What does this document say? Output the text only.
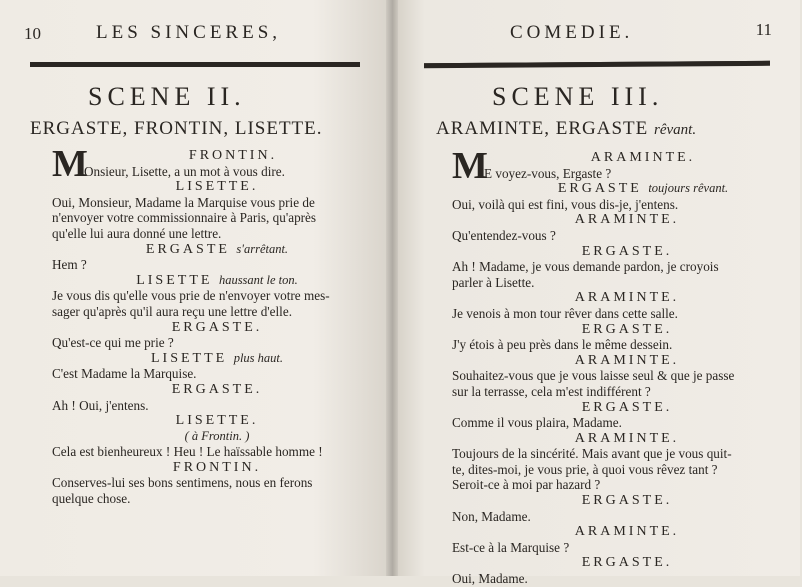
10	LES SINCERES,
SCENE II.
ERGASTE, FRONTIN, LISETTE.
M	FRONTIN.
Onsieur, Lisette, a un mot à vous dire.
LISETTE.
Oui, Monsieur, Madame la Marquise vous prie de
n'envoyer votre commissionnaire à Paris, qu'après
qu'elle lui aura donné une lettre.
ERGASTE s'arrêtant.
Hem ?
LISETTE haussant le ton.
Je vous dis qu'elle vous prie de n'envoyer votre mes-
sager qu'après qu'il aura reçu une lettre d'elle.
ERGASTE.
Qu'est-ce qui me prie ?
LISETTE plus haut.
C'est Madame la Marquise.
ERGASTE.
Ah ! Oui, j'entens.
LISETTE.
( à Frontin. )
Cela est bienheureux ! Heu ! Le haïssable homme !
FRONTIN.
Conserves-lui ses bons sentimens, nous en ferons
quelque chose.
COMEDIE.	11
SCENE III.
ARAMINTE, ERGASTE rêvant.
M	ARAMINTE.
E voyez-vous, Ergaste ?
ERGASTE toujours rêvant.
Oui, voilà qui est fini, vous dis-je, j'entens.
ARAMINTE.
Qu'entendez-vous ?
ERGASTE.
Ah ! Madame, je vous demande pardon, je croyois
parler à Lisette.
ARAMINTE.
Je venois à mon tour rêver dans cette salle.
ERGASTE.
J'y étois à peu près dans le même dessein.
ARAMINTE.
Souhaitez-vous que je vous laisse seul & que je passe
sur la terrasse, cela m'est indifférent ?
ERGASTE.
Comme il vous plaira, Madame.
ARAMINTE.
Toujours de la sincérité. Mais avant que je vous quit-
te, dites-moi, je vous prie, à quoi vous rêvez tant ?
Seroit-ce à moi par hazard ?
ERGASTE.
Non, Madame.
ARAMINTE.
Est-ce à la Marquise ?
ERGASTE.
Oui, Madame.
